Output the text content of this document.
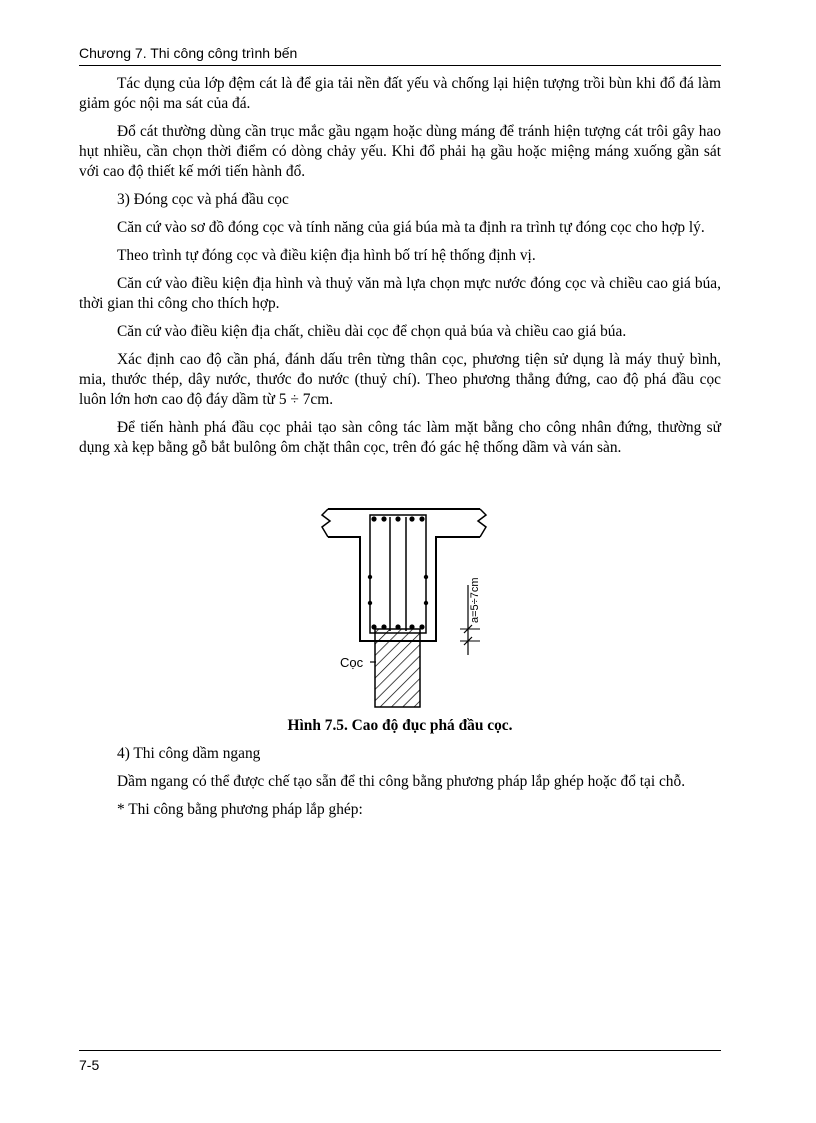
Chương 7. Thi công công trình bến

Tác dụng của lớp đệm cát là để gia tải nền đất yếu và chống lại hiện tượng trồi bùn khi đổ đá làm giảm góc nội ma sát của đá.

Đổ cát thường dùng cần trục mắc gầu ngạm hoặc dùng máng để tránh hiện tượng cát trôi gây hao hụt nhiều, cần chọn thời điểm có dòng chảy yếu. Khi đổ phải hạ gầu hoặc miệng máng xuống gần sát với cao độ thiết kế mới tiến hành đổ.

3) Đóng cọc và phá đầu cọc

Căn cứ vào sơ đồ đóng cọc và tính năng của giá búa mà ta định ra trình tự đóng cọc cho hợp lý.

Theo trình tự đóng cọc và điều kiện địa hình bố trí hệ thống định vị.

Căn cứ vào điều kiện địa hình và thuỷ văn mà lựa chọn mực nước đóng cọc và chiều cao giá búa, thời gian thi công cho thích hợp.

Căn cứ vào điều kiện địa chất, chiều dài cọc để chọn quả búa và chiều cao giá búa.

Xác định cao độ cần phá, đánh dấu trên từng thân cọc, phương tiện sử dụng là máy thuỷ bình, mia, thước thép, dây nước, thước đo nước (thuỷ chí). Theo phương thẳng đứng, cao độ phá đầu cọc luôn lớn hơn cao độ đáy dầm từ 5 ÷ 7cm.

Để tiến hành phá đầu cọc phải tạo sàn công tác làm mặt bằng cho công nhân đứng, thường sử dụng xà kẹp bằng gỗ bắt bulông ôm chặt thân cọc, trên đó gác hệ thống dầm và ván sàn.

a=5÷7cm
Cọc
Hình 7.5. Cao độ đục phá đầu cọc.

4) Thi công dầm ngang

Dầm ngang có thể được chế tạo sẵn để thi công bằng phương pháp lắp ghép hoặc đổ tại chỗ.

* Thi công bằng phương pháp lắp ghép:

7-5
